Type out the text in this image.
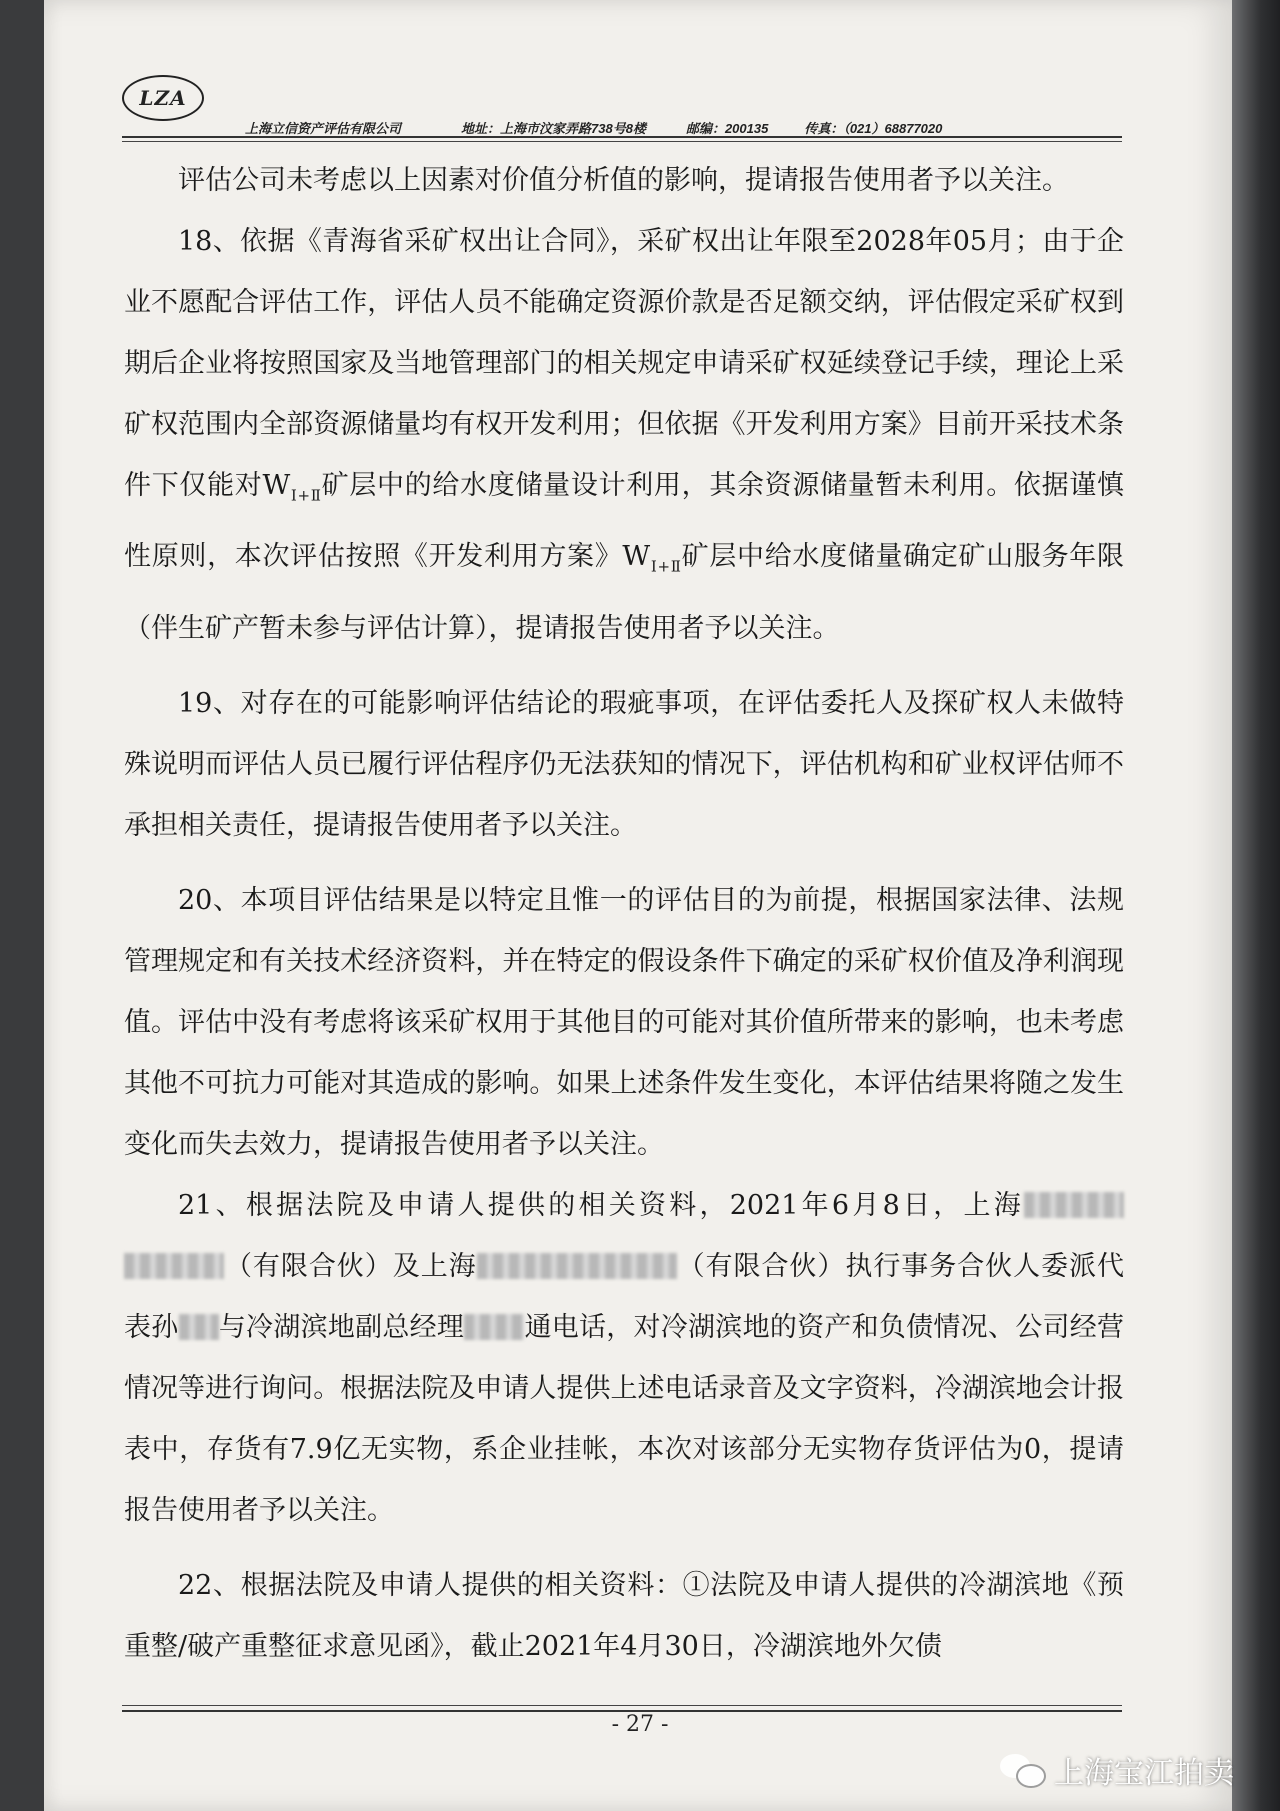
LZA
上海立信资产评估有限公司	地址：上海市汶家弄路738号8楼	邮编：200135	传真：（021）68877020

评估公司未考虑以上因素对价值分析值的影响，提请报告使用者予以关注。

18、依据《青海省采矿权出让合同》，采矿权出让年限至2028年05月；由于企业不愿配合评估工作，评估人员不能确定资源价款是否足额交纳，评估假定采矿权到期后企业将按照国家及当地管理部门的相关规定申请采矿权延续登记手续，理论上采矿权范围内全部资源储量均有权开发利用；但依据《开发利用方案》目前开采技术条件下仅能对$W_{Ⅰ+Ⅱ}$矿层中的给水度储量设计利用，其余资源储量暂未利用。依据谨慎性原则，本次评估按照《开发利用方案》$W_{Ⅰ+Ⅱ}$矿层中给水度储量确定矿山服务年限（伴生矿产暂未参与评估计算），提请报告使用者予以关注。

19、对存在的可能影响评估结论的瑕疵事项，在评估委托人及探矿权人未做特殊说明而评估人员已履行评估程序仍无法获知的情况下，评估机构和矿业权评估师不承担相关责任，提请报告使用者予以关注。

20、本项目评估结果是以特定且惟一的评估目的为前提，根据国家法律、法规管理规定和有关技术经济资料，并在特定的假设条件下确定的采矿权价值及净利润现值。评估中没有考虑将该采矿权用于其他目的可能对其价值所带来的影响，也未考虑其他不可抗力可能对其造成的影响。如果上述条件发生变化，本评估结果将随之发生变化而失去效力，提请报告使用者予以关注。

21、根据法院及申请人提供的相关资料，2021年6月8日，上海（有限合伙）及上海	（有限合伙）执行事务合伙人委派代表孙 与冷湖滨地副总经理 通电话，对冷湖滨地的资产和负债情况、公司经营情况等进行询问。根据法院及申请人提供上述电话录音及文字资料，冷湖滨地会计报表中，存货有7.9亿无实物，系企业挂帐，本次对该部分无实物存货评估为0，提请报告使用者予以关注。

22、根据法院及申请人提供的相关资料：①法院及申请人提供的冷湖滨地《预重整/破产重整征求意见函》，截止2021年4月30日，冷湖滨地外欠债

- 27 -
上海宝江拍卖
